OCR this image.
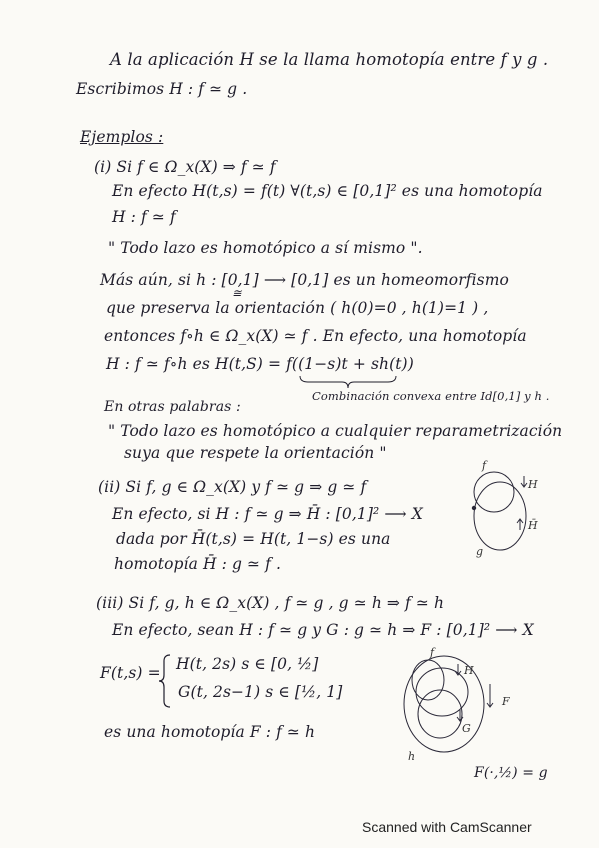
A la aplicación H se la llama homotopía entre f y g .
Escribimos H : f ≃ g .
Ejemplos :
(i) Si f ∈ Ω_x(X) ⇒ f ≃ f
En efecto H(t,s) = f(t) ∀(t,s) ∈ [0,1]² es una homotopía
H : f ≃ f
" Todo lazo es homotópico a sí mismo ".
Más aún, si h : [0,1] ⟶ [0,1] es un homeomorfismo
≅
que preserva la orientación ( h(0)=0 , h(1)=1 ) ,
entonces f∘h ∈ Ω_x(X) ≃ f . En efecto, una homotopía
H : f ≃ f∘h es H(t,S) = f((1−s)t + sh(t))
Combinación convexa entre Id[0,1] y h .
En otras palabras :
" Todo lazo es homotópico a cualquier reparametrización
suya que respete la orientación "
(ii) Si f, g ∈ Ω_x(X) y f ≃ g ⇒ g ≃ f
En efecto, si H : f ≃ g ⇒ H̄ : [0,1]² ⟶ X
dada por H̄(t,s) = H(t, 1−s) es una
homotopía H̄ : g ≃ f .
f
H
H̄
g
(iii) Si f, g, h ∈ Ω_x(X) , f ≃ g , g ≃ h ⇒ f ≃ h
En efecto, sean H : f ≃ g y G : g ≃ h ⇒ F : [0,1]² ⟶ X
F(t,s) = H(t, 2s) s ∈ [0, ½]
G(t, 2s−1) s ∈ [½, 1]
es una homotopía F : f ≃ h
f
H
F
G
h
F(·,½) = g
Scanned with CamScanner
